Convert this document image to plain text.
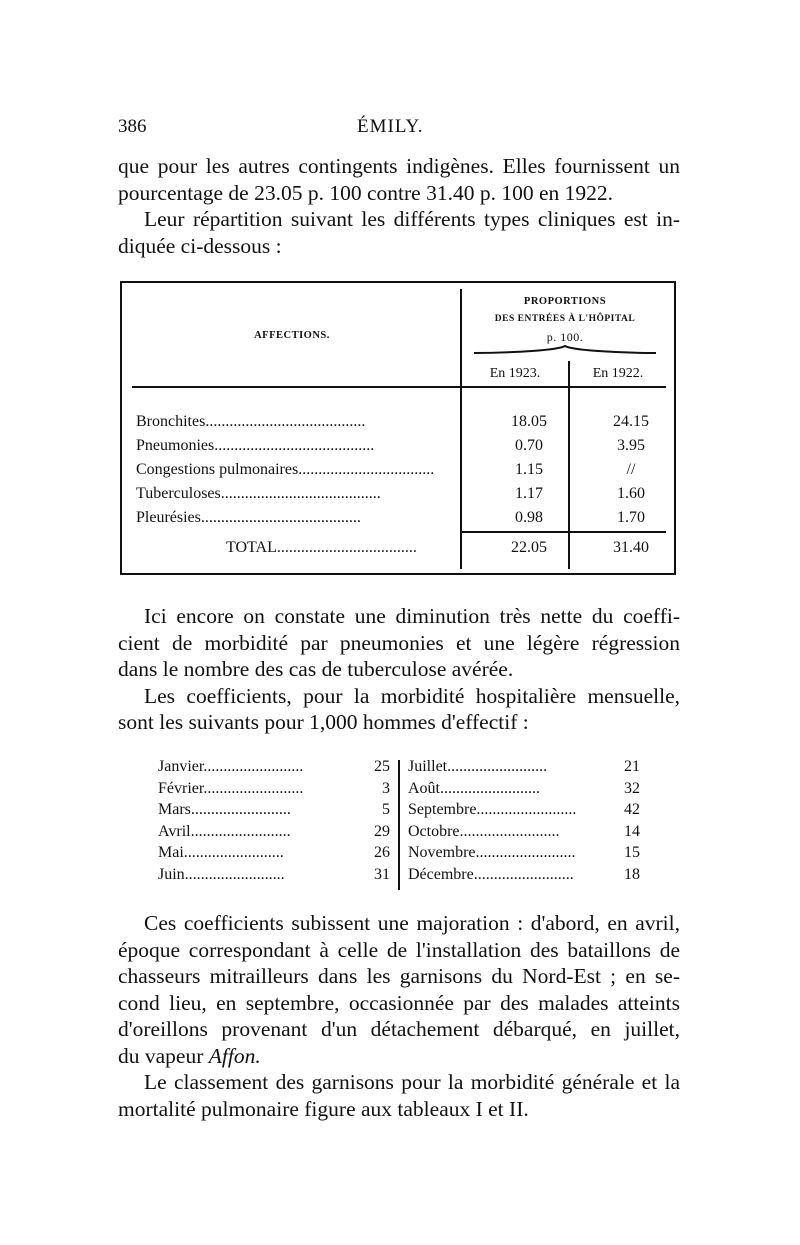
386	ÉMILY.

que pour les autres contingents indigènes. Elles fournissent un

pourcentage de 23.05 p. 100 contre 31.40 p. 100 en 1922.

Leur répartition suivant les différents types cliniques est in-

diquée ci-dessous :

AFFECTIONS.
PROPORTIONS
DES ENTRÉES À L'HÔPITAL
p. 100.
En 1923.	En 1922.
Bronchites........................................	18.05	24.15
Pneumonies........................................	0.70	3.95
Congestions pulmonaires..................................	1.15	//
Tuberculoses........................................	1.17	1.60
Pleurésies........................................	0.98	1.70
TOTAL...................................	22.05	31.40

Ici encore on constate une diminution très nette du coeffi-

cient de morbidité par pneumonies et une légère régression

dans le nombre des cas de tuberculose avérée.

Les coefficients, pour la morbidité hospitalière mensuelle,

sont les suivants pour 1,000 hommes d'effectif :

Janvier.........................	25
Février.........................	3
Mars.........................	5
Avril.........................	29
Mai.........................	26
Juin.........................	31
Juillet.........................	21
Août.........................	32
Septembre.........................	42
Octobre.........................	14
Novembre.........................	15
Décembre.........................	18

Ces coefficients subissent une majoration : d'abord, en avril,

époque correspondant à celle de l'installation des bataillons de

chasseurs mitrailleurs dans les garnisons du Nord-Est ; en se-

cond lieu, en septembre, occasionnée par des malades atteints

d'oreillons provenant d'un détachement débarqué, en juillet,

du vapeur Affon.

Le classement des garnisons pour la morbidité générale et la

mortalité pulmonaire figure aux tableaux I et II.
